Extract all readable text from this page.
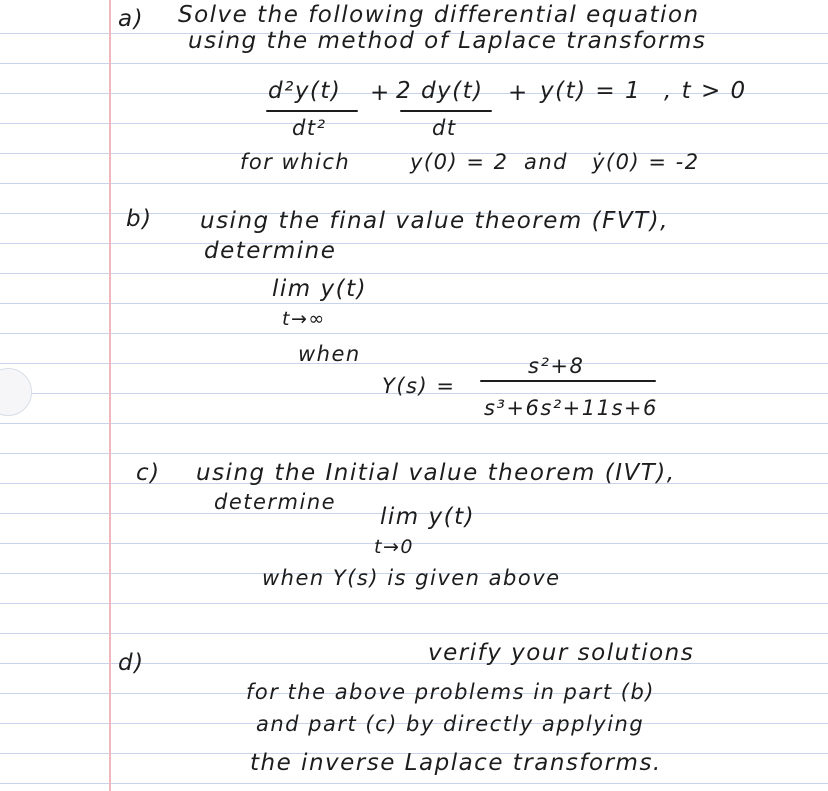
a) Solve the following differential equation
using the method of Laplace transforms
d²y(t) + 2 dy(t) + y(t) = 1 , t > 0
dt²	dt
for which	y(0) = 2 and ẏ(0) = -2
b) using the final value theorem (FVT),
determine
lim y(t)
t→∞
when
Y(s) =
s²+8
s³+6s²+11s+6
c) using the Initial value theorem (IVT),
determine
lim y(t)
t→0
when Y(s) is given above
d)	verify your solutions
for the above problems in part (b)
and part (c) by directly applying
the inverse Laplace transforms.
